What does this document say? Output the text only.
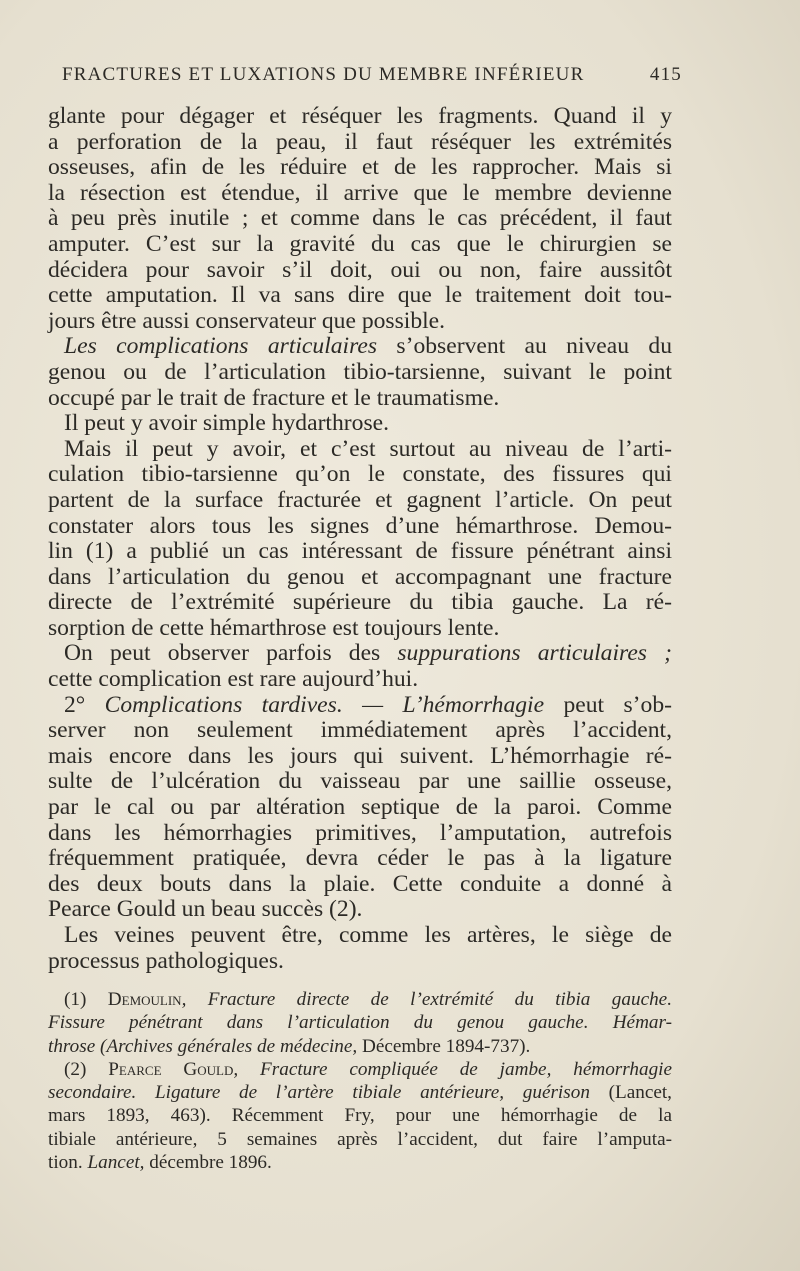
FRACTURES ET LUXATIONS DU MEMBRE INFÉRIEUR	415
glante pour dégager et réséquer les fragments. Quand il y
a perforation de la peau, il faut réséquer les extrémités
osseuses, afin de les réduire et de les rapprocher. Mais si
la résection est étendue, il arrive que le membre devienne
à peu près inutile ; et comme dans le cas précédent, il faut
amputer. C’est sur la gravité du cas que le chirurgien se
décidera pour savoir s’il doit, oui ou non, faire aussitôt
cette amputation. Il va sans dire que le traitement doit tou-
jours être aussi conservateur que possible.
Les complications articulaires s’observent au niveau du
genou ou de l’articulation tibio-tarsienne, suivant le point
occupé par le trait de fracture et le traumatisme.
Il peut y avoir simple hydarthrose.
Mais il peut y avoir, et c’est surtout au niveau de l’arti-
culation tibio-tarsienne qu’on le constate, des fissures qui
partent de la surface fracturée et gagnent l’article. On peut
constater alors tous les signes d’une hémarthrose. Demou-
lin (1) a publié un cas intéressant de fissure pénétrant ainsi
dans l’articulation du genou et accompagnant une fracture
directe de l’extrémité supérieure du tibia gauche. La ré-
sorption de cette hémarthrose est toujours lente.
On peut observer parfois des suppurations articulaires ;
cette complication est rare aujourd’hui.
2° Complications tardives. — L’hémorrhagie peut s’ob-
server non seulement immédiatement après l’accident,
mais encore dans les jours qui suivent. L’hémorrhagie ré-
sulte de l’ulcération du vaisseau par une saillie osseuse,
par le cal ou par altération septique de la paroi. Comme
dans les hémorrhagies primitives, l’amputation, autrefois
fréquemment pratiquée, devra céder le pas à la ligature
des deux bouts dans la plaie. Cette conduite a donné à
Pearce Gould un beau succès (2).
Les veines peuvent être, comme les artères, le siège de
processus pathologiques.
(1) Demoulin, Fracture directe de l’extrémité du tibia gauche.
Fissure pénétrant dans l’articulation du genou gauche. Hémar-
throse (Archives générales de médecine, Décembre 1894-737).
(2) Pearce Gould, Fracture compliquée de jambe, hémorrhagie
secondaire. Ligature de l’artère tibiale antérieure, guérison (Lancet,
mars 1893, 463). Récemment Fry, pour une hémorrhagie de la
tibiale antérieure, 5 semaines après l’accident, dut faire l’amputa-
tion. Lancet, décembre 1896.
